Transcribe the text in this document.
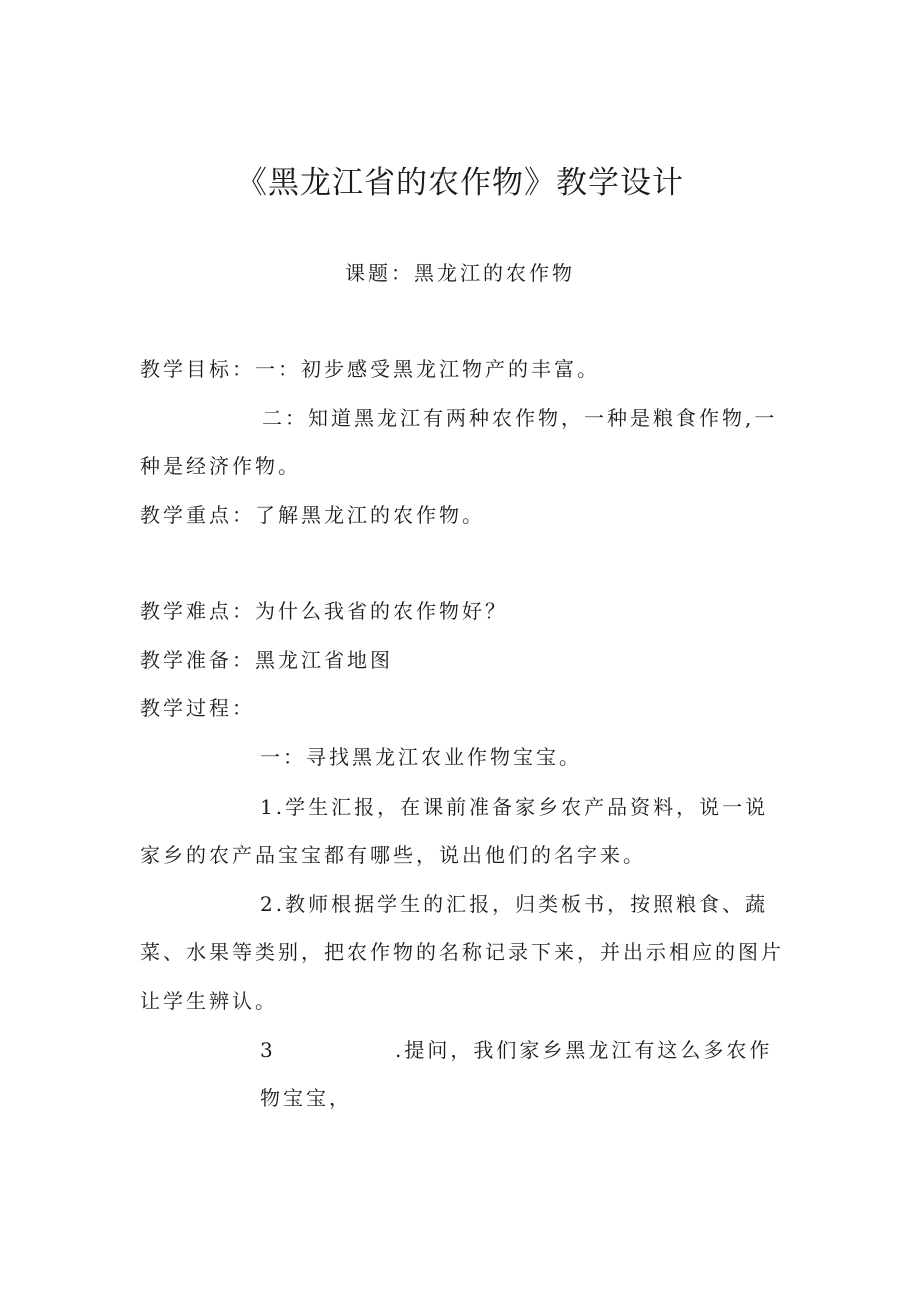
《黑龙江省的农作物》教学设计
课题：黑龙江的农作物
教学目标：一：初步感受黑龙江物产的丰富。
二：知道黑龙江有两种农作物，一种是粮食作物,一
种是经济作物。
教学重点：了解黑龙江的农作物。
教学难点：为什么我省的农作物好？
教学准备：黑龙江省地图
教学过程：
一：寻找黑龙江农业作物宝宝。
1.学生汇报，在课前准备家乡农产品资料，说一说
家乡的农产品宝宝都有哪些，说出他们的名字来。
2.教师根据学生的汇报，归类板书，按照粮食、蔬
菜、水果等类别，把农作物的名称记录下来，并出示相应的图片
让学生辨认。
3	.提问，我们家乡黑龙江有这么多农作
物宝宝，
